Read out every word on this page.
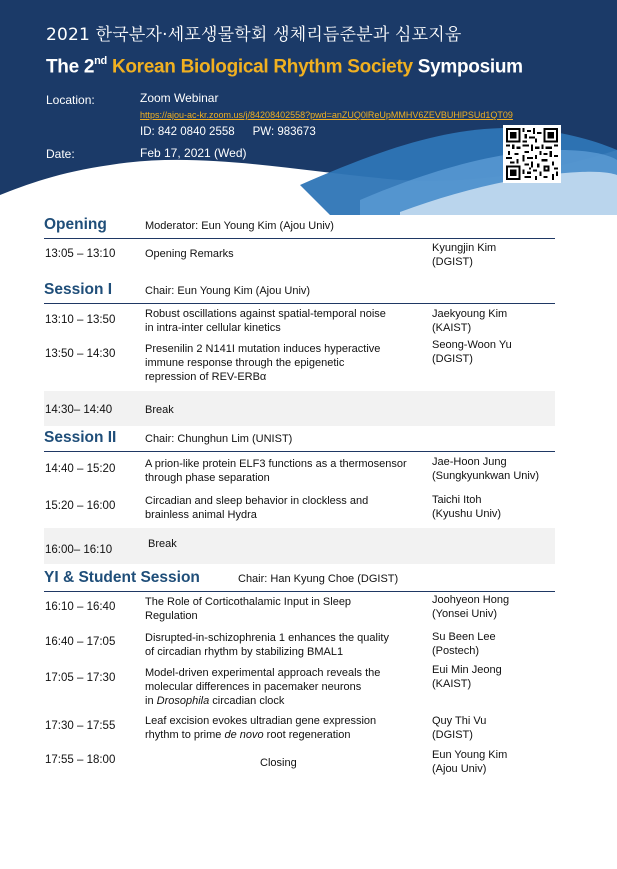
2021 한국분자·세포생물학회 생체리듬준분과 심포지움
The 2nd Korean Biological Rhythm Society Symposium
Location:	Zoom Webinar
https://ajou-ac-kr.zoom.us/j/84208402558?pwd=anZUQ0lReUpMMHV6ZEVBUHlPSUd1QT09
ID: 842 0840 2558 PW: 983673
Date:	Feb 17, 2021 (Wed)
Opening	Moderator: Eun Young Kim (Ajou Univ)
13:05 – 13:10	Opening Remarks	Kyungjin Kim
(DGIST)
Session I	Chair: Eun Young Kim (Ajou Univ)
13:10 – 13:50	Robust oscillations against spatial-temporal noise
in intra-inter cellular kinetics
Jaekyoung Kim
(KAIST)
13:50 – 14:30	Presenilin 2 N141I mutation induces hyperactive
immune response through the epigenetic
repression of REV-ERBα
Seong-Woon Yu
(DGIST)
14:30– 14:40	Break
Session II	Chair: Chunghun Lim (UNIST)
14:40 – 15:20	A prion-like protein ELF3 functions as a thermosensor
through phase separation
Jae-Hoon Jung
(Sungkyunkwan Univ)
15:20 – 16:00	Circadian and sleep behavior in clockless and
brainless animal Hydra
Taichi Itoh
(Kyushu Univ)
16:00– 16:10	Break
YI & Student Session	Chair: Han Kyung Choe (DGIST)
16:10 – 16:40	The Role of Corticothalamic Input in Sleep
Regulation
Joohyeon Hong
(Yonsei Univ)
16:40 – 17:05	Disrupted-in-schizophrenia 1 enhances the quality
of circadian rhythm by stabilizing BMAL1
Su Been Lee
(Postech)
17:05 – 17:30	Model-driven experimental approach reveals the
molecular differences in pacemaker neurons
in Drosophila circadian clock
Eui Min Jeong
(KAIST)
17:30 – 17:55	Leaf excision evokes ultradian gene expression
rhythm to prime de novo root regeneration
Quy Thi Vu
(DGIST)
17:55 – 18:00	Closing
Eun Young Kim
(Ajou Univ)
